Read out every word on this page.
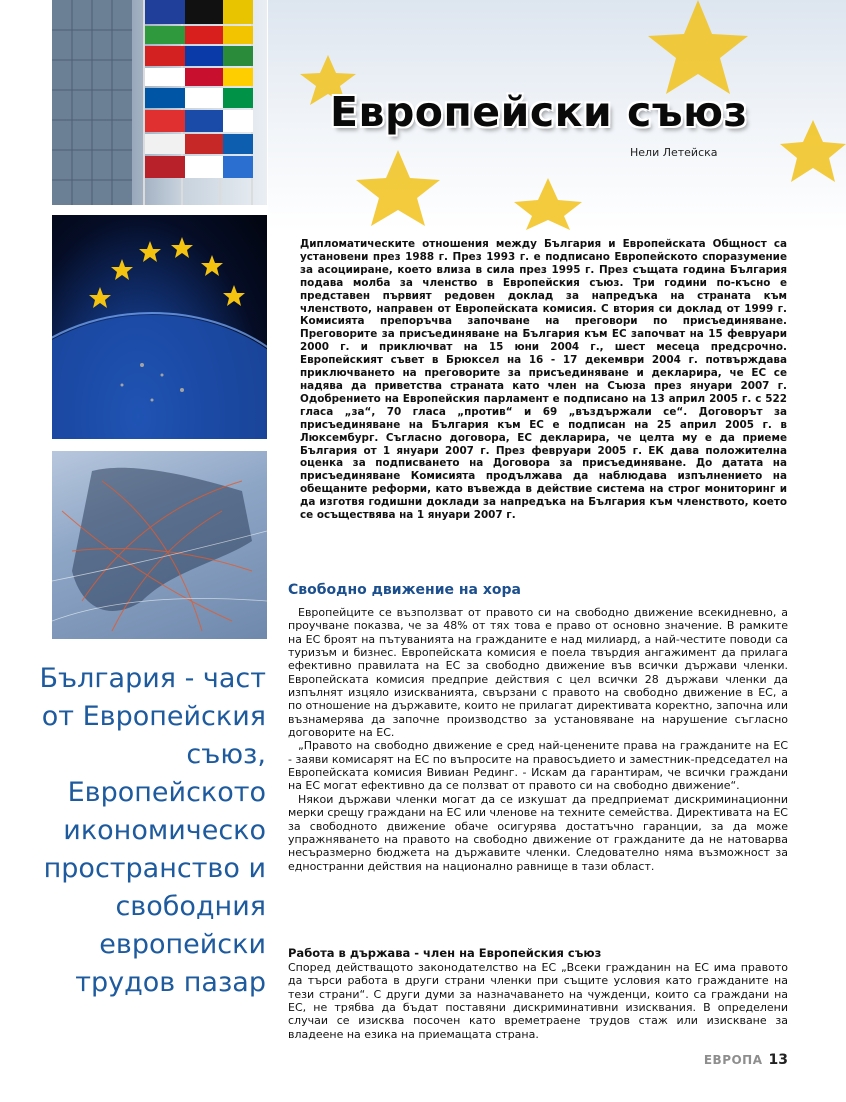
Европейски съюз

Нели Летейска

Дипломатическите отношения между България и Европейската Общност са установени през 1988 г. През 1993 г. е подписано Европейското споразумение за асоцииране, което влиза в сила през 1995 г. През същата година България подава молба за членство в Европейския съюз. Три години по-късно е представен първият редовен доклад за напредъка на страната към членството, направен от Европейската комисия. С втория си доклад от 1999 г. Комисията препоръчва започване на преговори по присъединяване. Преговорите за присъединяване на България към ЕС започват на 15 февруари 2000 г. и приключват на 15 юни 2004 г., шест месеца предсрочно. Европейският съвет в Брюксел на 16 - 17 декември 2004 г. потвърждава приключването на преговорите за присъединяване и декларира, че ЕС се надява да приветства страната като член на Съюза през януари 2007 г. Одобрението на Европейския парламент е подписано на 13 април 2005 г. с 522 гласа „за“, 70 гласа „против“ и 69 „въздържали се“. Договорът за присъединяване на България към ЕС е подписан на 25 април 2005 г. в Люксембург. Съгласно договора, ЕС декларира, че целта му е да приеме България от 1 януари 2007 г. През февруари 2005 г. ЕК дава положителна оценка за подписването на Договора за присъединяване. До датата на присъединяване Комисията продължава да наблюдава изпълнението на обещаните реформи, като въвежда в действие система на строг мониторинг и да изготвя годишни доклади за напредъка на България към членството, което се осъществява на 1 януари 2007 г.

Свободно движение на хора

Европейците се възползват от правото си на свободно движение всекидневно, а проучване показва, че за 48% от тях това е право от основно значение. В рамките на ЕС броят на пътуванията на гражданите е над милиард, а най-честите поводи са туризъм и бизнес. Европейската комисия е поела твърдия ангажимент да прилага ефективно правилата на ЕС за свободно движение във всички държави членки. Европейската комисия предприе действия с цел всички 28 държави членки да изпълнят изцяло изискванията, свързани с правото на свободно движение в ЕС, а по отношение на държавите, които не прилагат директивата коректно, започна или възнамерява да започне производство за установяване на нарушение съгласно договорите на ЕС.

„Правото на свободно движение е сред най-ценените права на гражданите на ЕС - заяви комисарят на ЕС по въпросите на правосъдието и заместник-председател на Европейската комисия Вивиан Рединг. - Искам да гарантирам, че всички граждани на ЕС могат ефективно да се ползват от правото си на свободно движение“.

Някои държави членки могат да се изкушат да предприемат дискриминационни мерки срещу граждани на ЕС или членове на техните семейства. Директивата на ЕС за свободното движение обаче осигурява достатъчно гаранции, за да може упражняването на правото на свободно движение от гражданите да не натоварва несъразмерно бюджета на държавите членки. Следователно няма възможност за едностранни действия на национално равнище в тази област.

Работа в държава - член на Европейския съюз

Според действащото законодателство на ЕС „Всеки гражданин на ЕС има правото да търси работа в други страни членки при същите условия като гражданите на тези страни“. С други думи за назначаването на чужденци, които са граждани на ЕС, не трябва да бъдат поставяни дискриминативни изисквания. В определени случаи се изисква посочен като времетраене трудов стаж или изискване за владеене на езика на приемащата страна.

България - част от Европейския съюз, Европейското икономическо пространство и свободния европейски трудов пазар

ЕВРОПА 13
